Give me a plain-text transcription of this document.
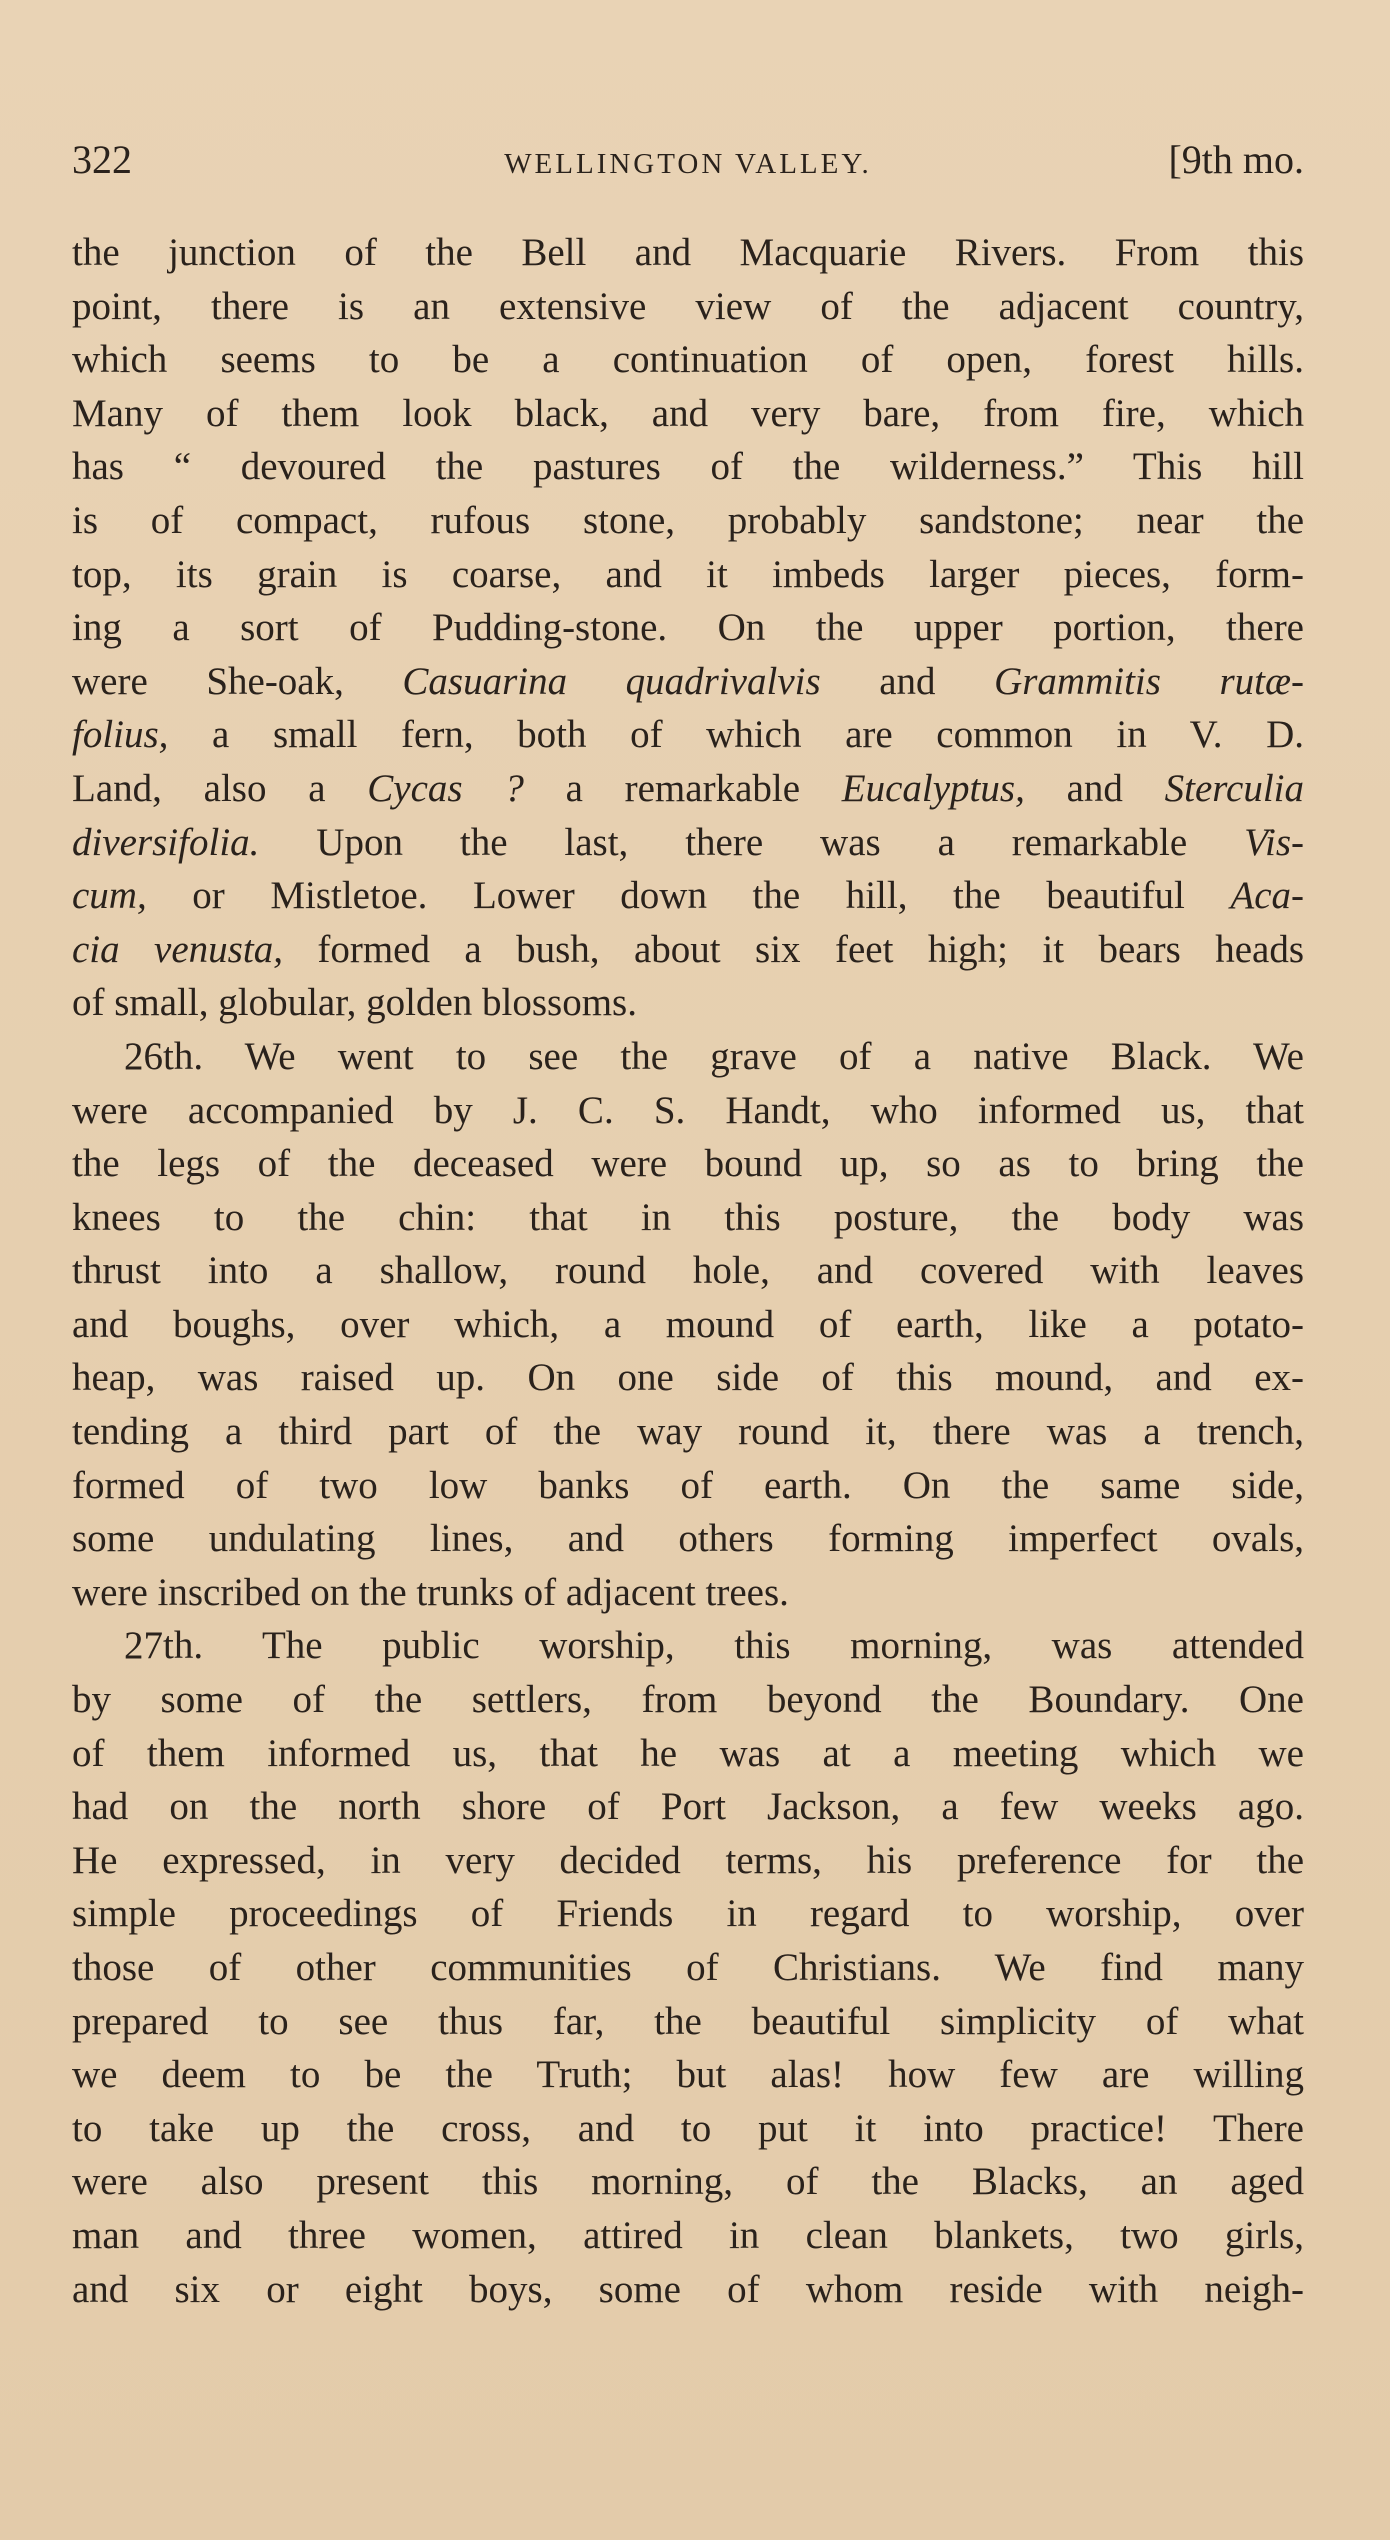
322	WELLINGTON VALLEY.	[9th mo.
the junction of the Bell and Macquarie Rivers. From this
point, there is an extensive view of the adjacent country,
which seems to be a continuation of open, forest hills.
Many of them look black, and very bare, from fire, which
has “ devoured the pastures of the wilderness.” This hill
is of compact, rufous stone, probably sandstone; near the
top, its grain is coarse, and it imbeds larger pieces, form-
ing a sort of Pudding-stone. On the upper portion, there
were She-oak, Casuarina quadrivalvis and Grammitis rutæ-
folius, a small fern, both of which are common in V. D.
Land, also a Cycas ? a remarkable Eucalyptus, and Sterculia
diversifolia. Upon the last, there was a remarkable Vis-
cum, or Mistletoe. Lower down the hill, the beautiful Aca-
cia venusta, formed a bush, about six feet high; it bears heads
of small, globular, golden blossoms.
26th. We went to see the grave of a native Black. We
were accompanied by J. C. S. Handt, who informed us, that
the legs of the deceased were bound up, so as to bring the
knees to the chin: that in this posture, the body was
thrust into a shallow, round hole, and covered with leaves
and boughs, over which, a mound of earth, like a potato-
heap, was raised up. On one side of this mound, and ex-
tending a third part of the way round it, there was a trench,
formed of two low banks of earth. On the same side,
some undulating lines, and others forming imperfect ovals,
were inscribed on the trunks of adjacent trees.
27th. The public worship, this morning, was attended
by some of the settlers, from beyond the Boundary. One
of them informed us, that he was at a meeting which we
had on the north shore of Port Jackson, a few weeks ago.
He expressed, in very decided terms, his preference for the
simple proceedings of Friends in regard to worship, over
those of other communities of Christians. We find many
prepared to see thus far, the beautiful simplicity of what
we deem to be the Truth; but alas! how few are willing
to take up the cross, and to put it into practice! There
were also present this morning, of the Blacks, an aged
man and three women, attired in clean blankets, two girls,
and six or eight boys, some of whom reside with neigh-
